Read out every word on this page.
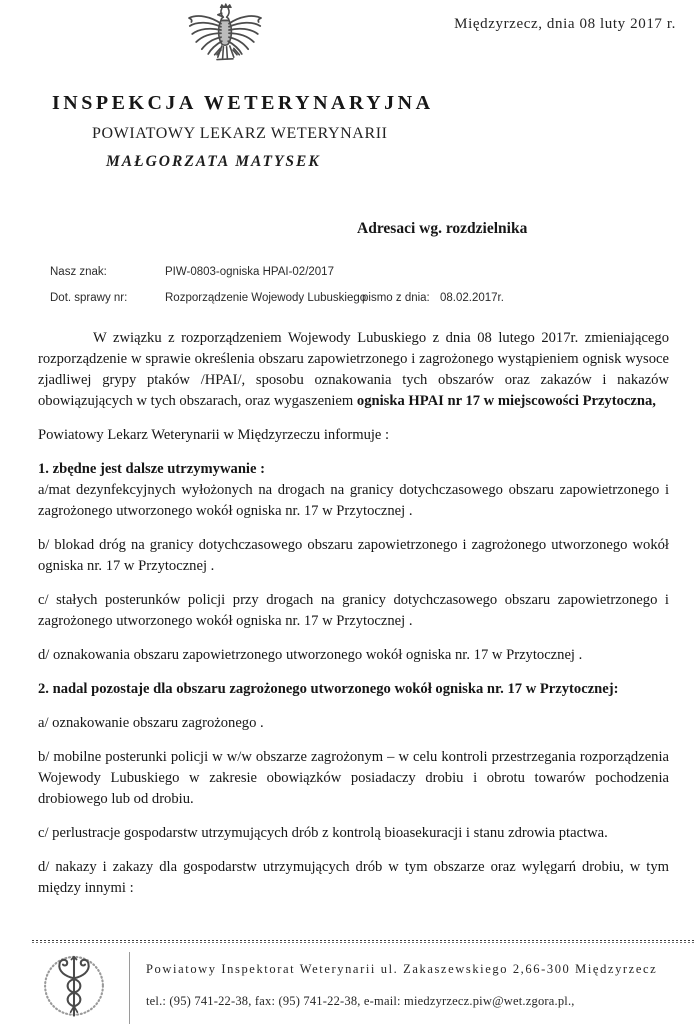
Międzyrzecz, dnia 08 luty 2017 r.
INSPEKCJA WETERYNARYJNA
POWIATOWY LEKARZ WETERYNARII
MAŁGORZATA MATYSEK
Adresaci wg. rozdzielnika
Nasz znak:	PIW-0803-ogniska HPAI-02/2017
Dot. sprawy nr:	Rozporządzenie Wojewody Lubuskiego
pismo z dnia: 08.02.2017r.

W związku z rozporządzeniem Wojewody Lubuskiego z dnia 08 lutego 2017r. zmieniającego rozporządzenie w sprawie określenia obszaru zapowietrzonego i zagrożonego wystąpieniem ognisk wysoce zjadliwej grypy ptaków /HPAI/, sposobu oznakowania tych obszarów oraz zakazów i nakazów obowiązujących w tych obszarach, oraz wygaszeniem ogniska HPAI nr 17 w miejscowości Przytoczna,

Powiatowy Lekarz Weterynarii w Międzyrzeczu informuje :

1. zbędne jest dalsze utrzymywanie :

a/mat dezynfekcyjnych wyłożonych na drogach na granicy dotychczasowego obszaru zapowietrzonego i zagrożonego utworzonego wokół ogniska nr. 17 w Przytocznej .

b/ blokad dróg na granicy dotychczasowego obszaru zapowietrzonego i zagrożonego utworzonego wokół ogniska nr. 17 w Przytocznej .

c/ stałych posterunków policji przy drogach na granicy dotychczasowego obszaru zapowietrzonego i zagrożonego utworzonego wokół ogniska nr. 17 w Przytocznej .

d/ oznakowania obszaru zapowietrzonego utworzonego wokół ogniska nr. 17 w Przytocznej .

2. nadal pozostaje dla obszaru zagrożonego utworzonego wokół ogniska nr. 17 w Przytocznej:

a/ oznakowanie obszaru zagrożonego .

b/ mobilne posterunki policji w w/w obszarze zagrożonym – w celu kontroli przestrzegania rozporządzenia Wojewody Lubuskiego w zakresie obowiązków posiadaczy drobiu i obrotu towarów pochodzenia drobiowego lub od drobiu.

c/ perlustracje gospodarstw utrzymujących drób z kontrolą bioasekuracji i stanu zdrowia ptactwa.

d/ nakazy i zakazy dla gospodarstw utrzymujących drób w tym obszarze oraz wylęgarń drobiu, w tym między innymi :

Powiatowy Inspektorat Weterynarii ul. Zakaszewskiego 2,66-300 Międzyrzecz
tel.: (95) 741-22-38, fax: (95) 741-22-38, e-mail: miedzyrzecz.piw@wet.zgora.pl.,
